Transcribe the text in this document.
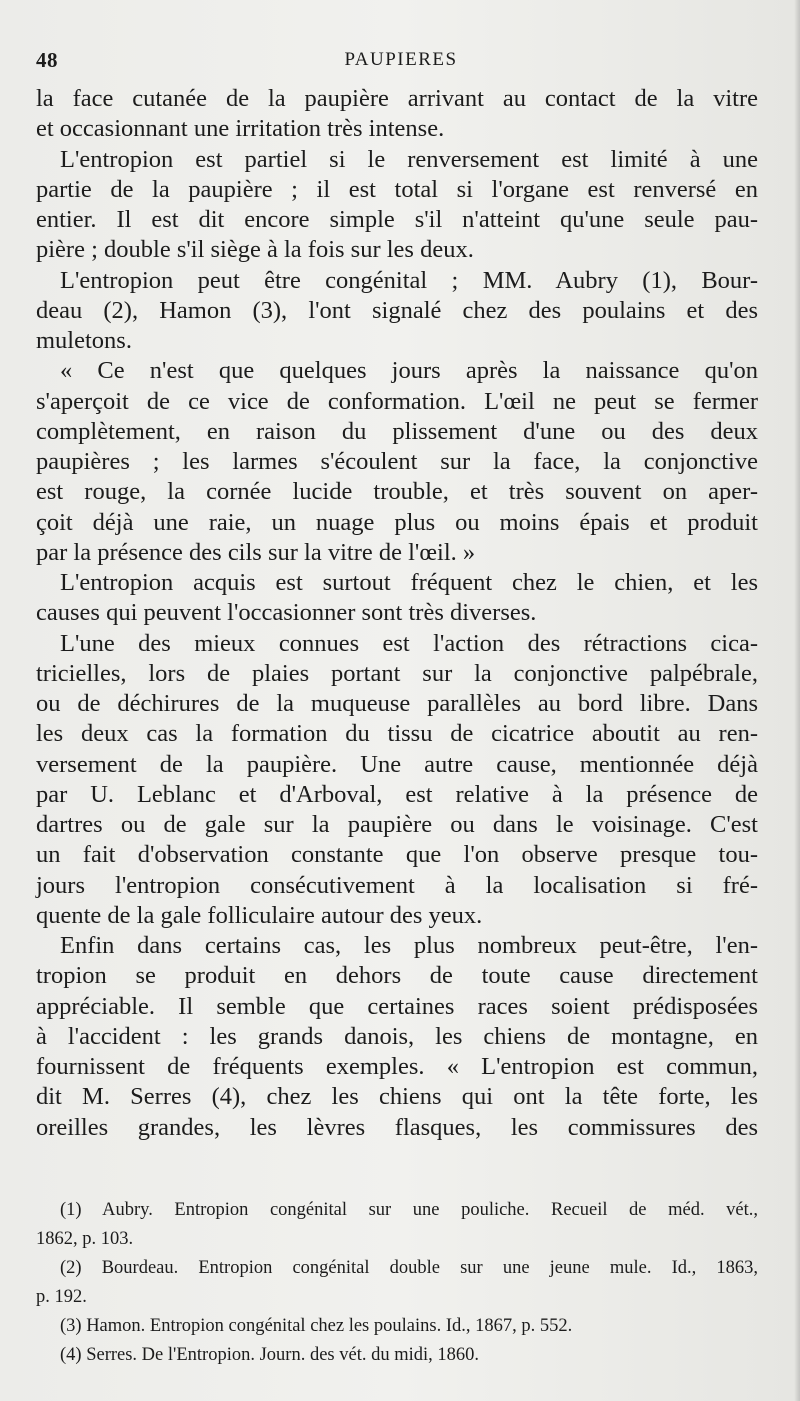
48	PAUPIERES
la face cutanée de la paupière arrivant au contact de la vitre
et occasionnant une irritation très intense.
L'entropion est partiel si le renversement est limité à une
partie de la paupière ; il est total si l'organe est renversé en
entier. Il est dit encore simple s'il n'atteint qu'une seule pau-
pière ; double s'il siège à la fois sur les deux.
L'entropion peut être congénital ; MM. Aubry (1), Bour-
deau (2), Hamon (3), l'ont signalé chez des poulains et des
muletons.
« Ce n'est que quelques jours après la naissance qu'on
s'aperçoit de ce vice de conformation. L'œil ne peut se fermer
complètement, en raison du plissement d'une ou des deux
paupières ; les larmes s'écoulent sur la face, la conjonctive
est rouge, la cornée lucide trouble, et très souvent on aper-
çoit déjà une raie, un nuage plus ou moins épais et produit
par la présence des cils sur la vitre de l'œil. »
L'entropion acquis est surtout fréquent chez le chien, et les
causes qui peuvent l'occasionner sont très diverses.
L'une des mieux connues est l'action des rétractions cica-
tricielles, lors de plaies portant sur la conjonctive palpébrale,
ou de déchirures de la muqueuse parallèles au bord libre. Dans
les deux cas la formation du tissu de cicatrice aboutit au ren-
versement de la paupière. Une autre cause, mentionnée déjà
par U. Leblanc et d'Arboval, est relative à la présence de
dartres ou de gale sur la paupière ou dans le voisinage. C'est
un fait d'observation constante que l'on observe presque tou-
jours l'entropion consécutivement à la localisation si fré-
quente de la gale folliculaire autour des yeux.
Enfin dans certains cas, les plus nombreux peut-être, l'en-
tropion se produit en dehors de toute cause directement
appréciable. Il semble que certaines races soient prédisposées
à l'accident : les grands danois, les chiens de montagne, en
fournissent de fréquents exemples. « L'entropion est commun,
dit M. Serres (4), chez les chiens qui ont la tête forte, les
oreilles grandes, les lèvres flasques, les commissures des
(1) Aubry. Entropion congénital sur une pouliche. Recueil de méd. vét.,
1862, p. 103.
(2) Bourdeau. Entropion congénital double sur une jeune mule. Id., 1863,
p. 192.
(3) Hamon. Entropion congénital chez les poulains. Id., 1867, p. 552.
(4) Serres. De l'Entropion. Journ. des vét. du midi, 1860.
